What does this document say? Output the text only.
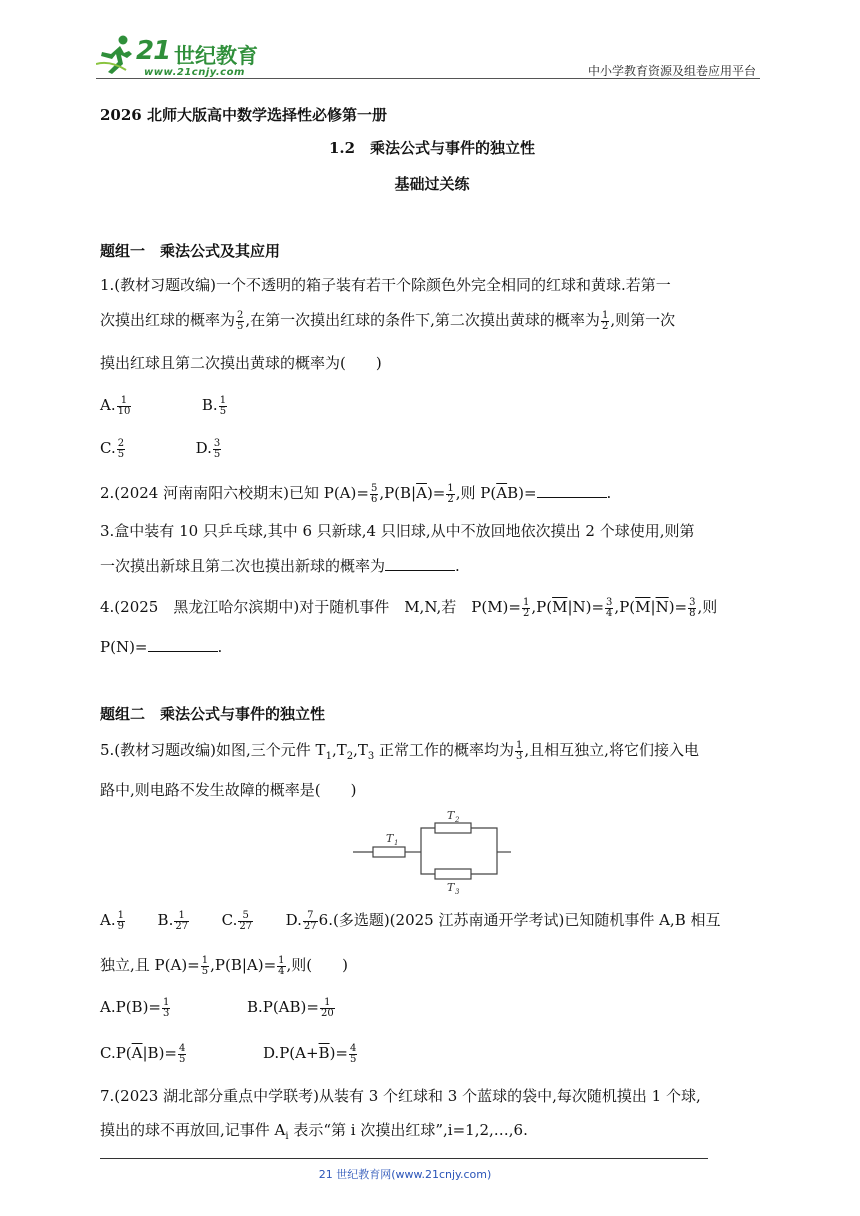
21 世纪教育
www.21cnjy.com	中小学教育资源及组卷应用平台
2026 北师大版高中数学选择性必修第一册
1.2　乘法公式与事件的独立性
基础过关练
题组一　乘法公式及其应用
1.(教材习题改编)一个不透明的箱子装有若干个除颜色外完全相同的红球和黄球.若第一
次摸出红球的概率为 $\frac{2}{5}$ ,在第一次摸出红球的条件下,第二次摸出黄球的概率为 $\frac{1}{2}$ ,则第一次
摸出红球且第二次摸出黄球的概率为(　　)
A. $\frac{1}{10}$	B. $\frac{1}{5}$
C. $\frac{2}{5}$	D. $\frac{3}{5}$
2.(2024 河南南阳六校期末)已知 $P(A)= \frac{5}{6} ,P(B|\overline{A})= \frac{1}{2}$ ,则 $P(\overline{A}B)=$	.
3.盒中装有 10 只乒乓球,其中 6 只新球,4 只旧球,从中不放回地依次摸出 2 个球使用,则第
一次摸出新球且第二次也摸出新球的概率为	.
4.(2025　黑龙江哈尔滨期中)对于随机事件　M,N,若　$P(M)= \frac{1}{2} ,P(\overline{M}|N)= \frac{3}{4} ,P(\overline{M}|\overline{N})= \frac{3}{8}$ ,则
P(N)=	.
题组二　乘法公式与事件的独立性
5.(教材习题改编)如图,三个元件 $T_1,T_2,T_3$ 正常工作的概率均为 $\frac{1}{3}$ ,且相互独立,将它们接入电
路中,则电路不发生故障的概率是(　　)
A. $\frac{1}{9} B$. $\frac{1}{27} C$. $\frac{5}{27} D$. $\frac{7}{27} 6$.(多选题)(2025 江苏南通开学考试)已知随机事件 A,B 相互
独立,且 $P(A)= \frac{1}{5} ,P(B|A)= \frac{1}{4}$ ,则(　　)
$A.P(B)= \frac{1}{3}$	$B.P(AB)= \frac{1}{20}$
$C.P(\overline{A}|B)= \frac{4}{5}$	$D.P(A+\overline{B})= \frac{4}{5}$
7.(2023 湖北部分重点中学联考)从装有 3 个红球和 3 个蓝球的袋中,每次随机摸出 1 个球,
摸出的球不再放回,记事件 $A_i$ 表示“第 i 次摸出红球”,i=1,2,…,6.
T 1
T 2
T 3
21 世纪教育网(www.21cnjy.com)
